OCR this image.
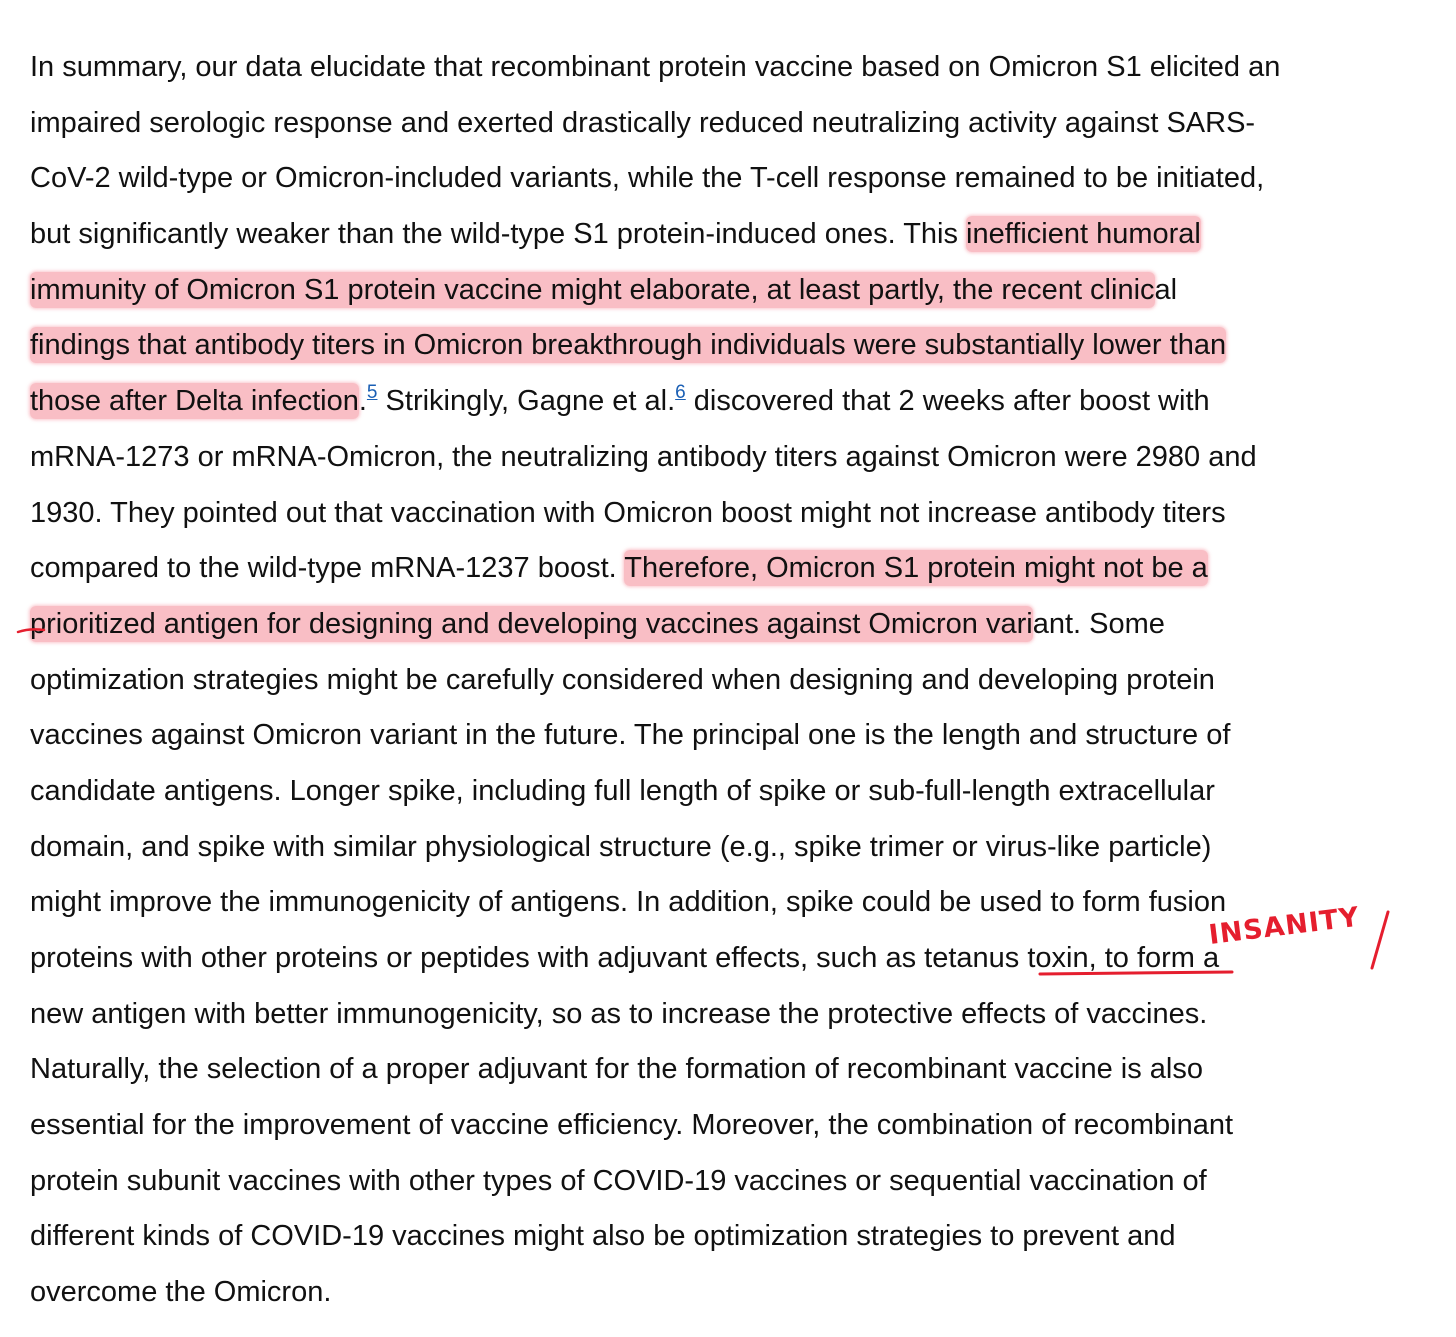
In summary, our data elucidate that recombinant protein vaccine based on Omicron S1 elicited an
impaired serologic response and exerted drastically reduced neutralizing activity against SARS-
CoV-2 wild-type or Omicron-included variants, while the T-cell response remained to be initiated,
but significantly weaker than the wild-type S1 protein-induced ones. This inefficient humoral
immunity of Omicron S1 protein vaccine might elaborate, at least partly, the recent clinical
findings that antibody titers in Omicron breakthrough individuals were substantially lower than
those after Delta infection.$^5$ Strikingly, Gagne et al.$^6$ discovered that 2 weeks after boost with
mRNA-1273 or mRNA-Omicron, the neutralizing antibody titers against Omicron were 2980 and
1930. They pointed out that vaccination with Omicron boost might not increase antibody titers
compared to the wild-type mRNA-1237 boost. Therefore, Omicron S1 protein might not be a
prioritized antigen for designing and developing vaccines against Omicron variant. Some
optimization strategies might be carefully considered when designing and developing protein
vaccines against Omicron variant in the future. The principal one is the length and structure of
candidate antigens. Longer spike, including full length of spike or sub-full-length extracellular
domain, and spike with similar physiological structure (e.g., spike trimer or virus-like particle)
might improve the immunogenicity of antigens. In addition, spike could be used to form fusion
proteins with other proteins or peptides with adjuvant effects, such as tetanus toxin, to form a
new antigen with better immunogenicity, so as to increase the protective effects of vaccines.
Naturally, the selection of a proper adjuvant for the formation of recombinant vaccine is also
essential for the improvement of vaccine efficiency. Moreover, the combination of recombinant
protein subunit vaccines with other types of COVID-19 vaccines or sequential vaccination of
different kinds of COVID-19 vaccines might also be optimization strategies to prevent and
overcome the Omicron.
INSANITY
